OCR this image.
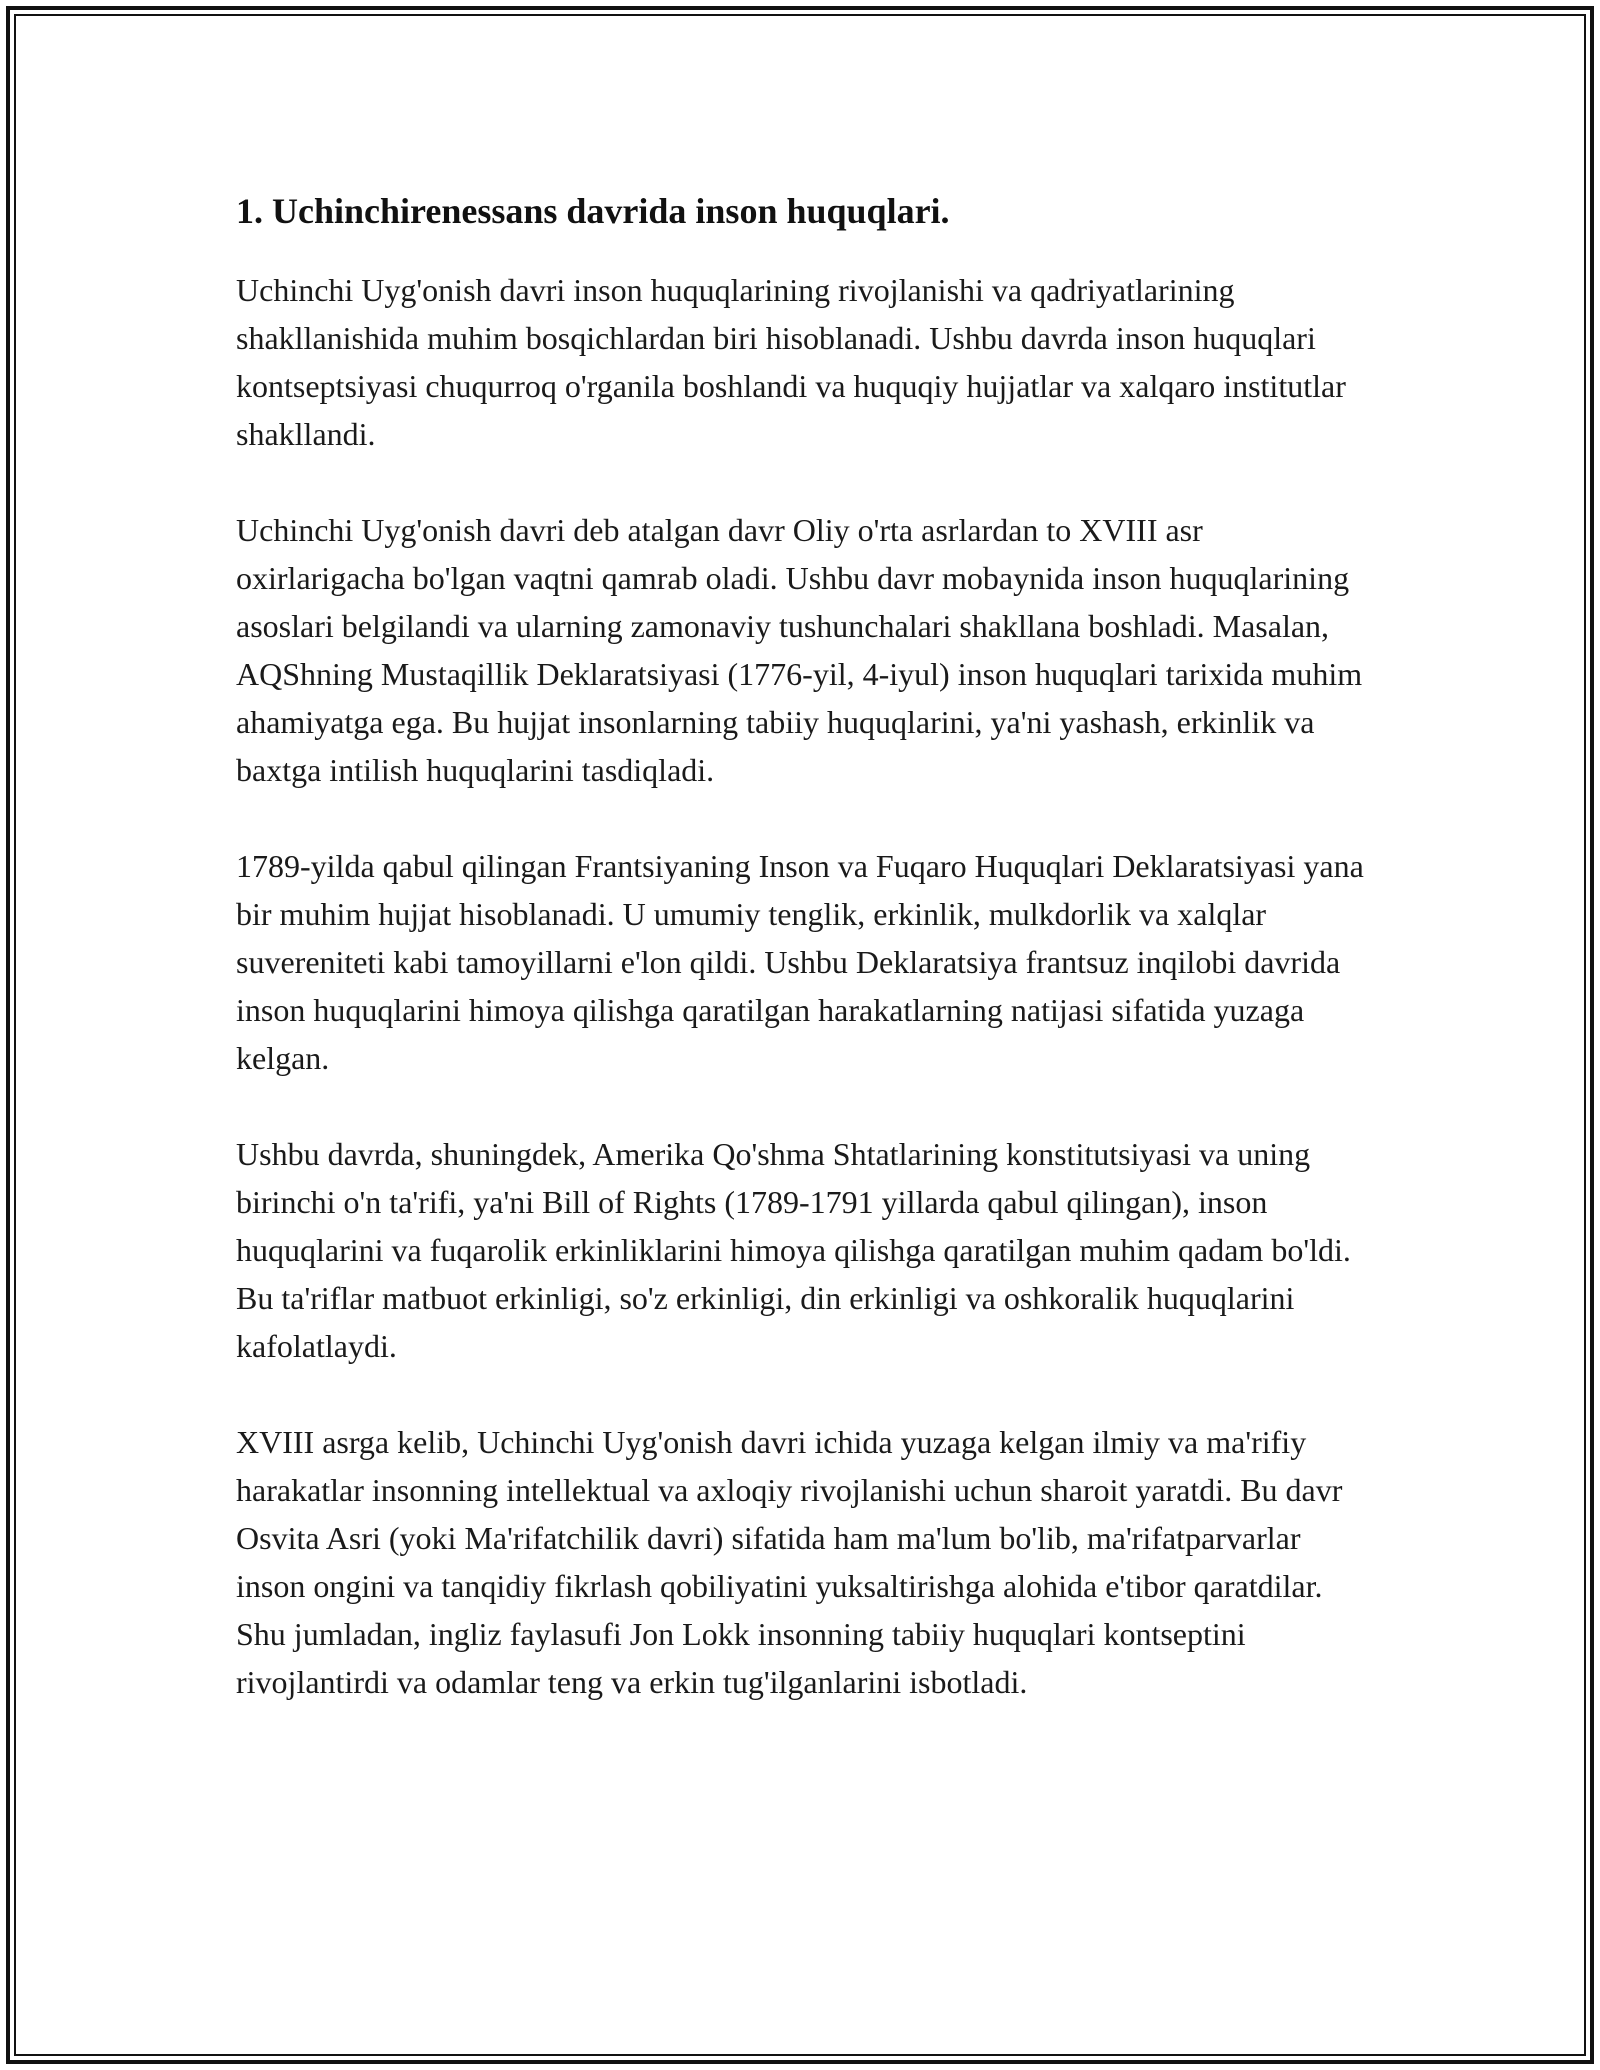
1. Uchinchirenessans davrida inson huquqlari.

Uchinchi Uyg'onish davri inson huquqlarining rivojlanishi va qadriyatlarining shakllanishida muhim bosqichlardan biri hisoblanadi. Ushbu davrda inson huquqlari kontseptsiyasi chuqurroq o'rganila boshlandi va huquqiy hujjatlar va xalqaro institutlar shakllandi.

Uchinchi Uyg'onish davri deb atalgan davr Oliy o'rta asrlardan to XVIII asr oxirlarigacha bo'lgan vaqtni qamrab oladi. Ushbu davr mobaynida inson huquqlarining asoslari belgilandi va ularning zamonaviy tushunchalari shakllana boshladi. Masalan, AQShning Mustaqillik Deklaratsiyasi (1776-yil, 4-iyul) inson huquqlari tarixida muhim ahamiyatga ega. Bu hujjat insonlarning tabiiy huquqlarini, ya'ni yashash, erkinlik va baxtga intilish huquqlarini tasdiqladi.

1789-yilda qabul qilingan Frantsiyaning Inson va Fuqaro Huquqlari Deklaratsiyasi yana bir muhim hujjat hisoblanadi. U umumiy tenglik, erkinlik, mulkdorlik va xalqlar suvereniteti kabi tamoyillarni e'lon qildi. Ushbu Deklaratsiya frantsuz inqilobi davrida inson huquqlarini himoya qilishga qaratilgan harakatlarning natijasi sifatida yuzaga kelgan.

Ushbu davrda, shuningdek, Amerika Qo'shma Shtatlarining konstitutsiyasi va uning birinchi o'n ta'rifi, ya'ni Bill of Rights (1789-1791 yillarda qabul qilingan), inson huquqlarini va fuqarolik erkinliklarini himoya qilishga qaratilgan muhim qadam bo'ldi. Bu ta'riflar matbuot erkinligi, so'z erkinligi, din erkinligi va oshkoralik huquqlarini kafolatlaydi.

XVIII asrga kelib, Uchinchi Uyg'onish davri ichida yuzaga kelgan ilmiy va ma'rifiy harakatlar insonning intellektual va axloqiy rivojlanishi uchun sharoit yaratdi. Bu davr Osvita Asri (yoki Ma'rifatchilik davri) sifatida ham ma'lum bo'lib, ma'rifatparvarlar inson ongini va tanqidiy fikrlash qobiliyatini yuksaltirishga alohida e'tibor qaratdilar. Shu jumladan, ingliz faylasufi Jon Lokk insonning tabiiy huquqlari kontseptini rivojlantirdi va odamlar teng va erkin tug'ilganlarini isbotladi.
